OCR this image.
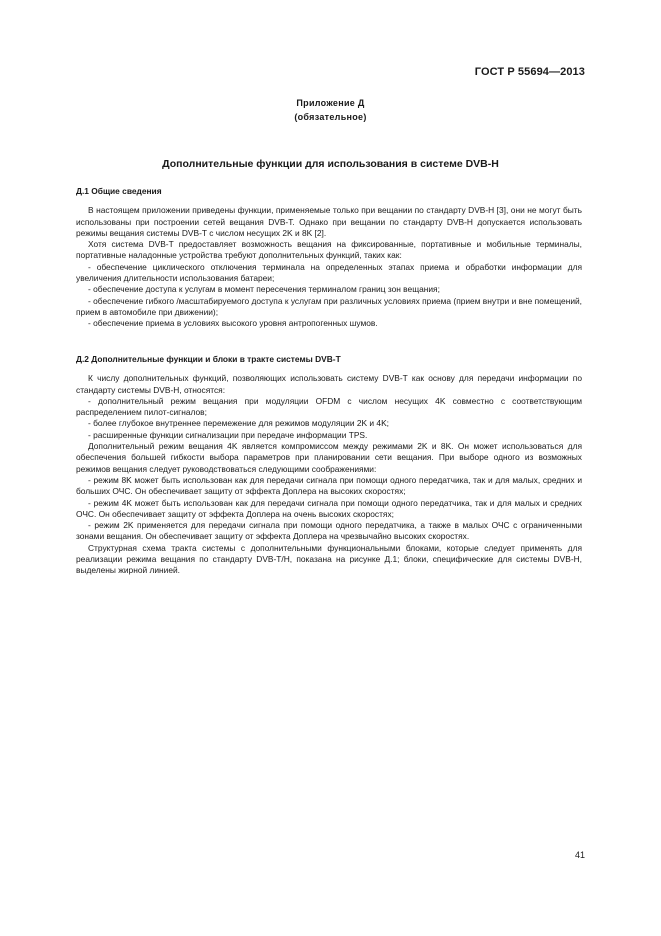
ГОСТ Р 55694—2013
Приложение Д
(обязательное)
Дополнительные функции для использования в системе DVB-H

Д.1 Общие сведения

В настоящем приложении приведены функции, применяемые только при вещании по стандарту DVB-H [3], они не могут быть использованы при построении сетей вещания DVB-T. Однако при вещании по стандарту DVB-H допускается использовать режимы вещания системы DVB-T с числом несущих 2K и 8K [2].

Хотя система DVB-T предоставляет возможность вещания на фиксированные, портативные и мобильные терминалы, портативные наладонные устройства требуют дополнительных функций, таких как:

- обеспечение циклического отключения терминала на определенных этапах приема и обработки информации для увеличения длительности использования батареи;

- обеспечение доступа к услугам в момент пересечения терминалом границ зон вещания;

- обеспечение гибкого /масштабируемого доступа к услугам при различных условиях приема (прием внутри и вне помещений, прием в автомобиле при движении);

- обеспечение приема в условиях высокого уровня антропогенных шумов.

Д.2 Дополнительные функции и блоки в тракте системы DVB-T

К числу дополнительных функций, позволяющих использовать систему DVB-T как основу для передачи информации по стандарту системы DVB-H, относятся:

- дополнительный режим вещания при модуляции OFDM с числом несущих 4K совместно с соответствующим распределением пилот-сигналов;

- более глубокое внутреннее перемежение для режимов модуляции 2K и 4K;

- расширенные функции сигнализации при передаче информации TPS.

Дополнительный режим вещания 4K является компромиссом между режимами 2K и 8K. Он может использоваться для обеспечения большей гибкости выбора параметров при планировании сети вещания. При выборе одного из возможных режимов вещания следует руководствоваться следующими соображениями:

- режим 8K может быть использован как для передачи сигнала при помощи одного передатчика, так и для малых, средних и больших ОЧС. Он обеспечивает защиту от эффекта Доплера на высоких скоростях;

- режим 4K может быть использован как для передачи сигнала при помощи одного передатчика, так и для малых и средних ОЧС. Он обеспечивает защиту от эффекта Доплера на очень высоких скоростях;

- режим 2K применяется для передачи сигнала при помощи одного передатчика, а также в малых ОЧС с ограниченными зонами вещания. Он обеспечивает защиту от эффекта Доплера на чрезвычайно высоких скоростях.

Структурная схема тракта системы с дополнительными функциональными блоками, которые следует применять для реализации режима вещания по стандарту DVB-T/H, показана на рисунке Д.1; блоки, специфические для системы DVB-H, выделены жирной линией.

41
